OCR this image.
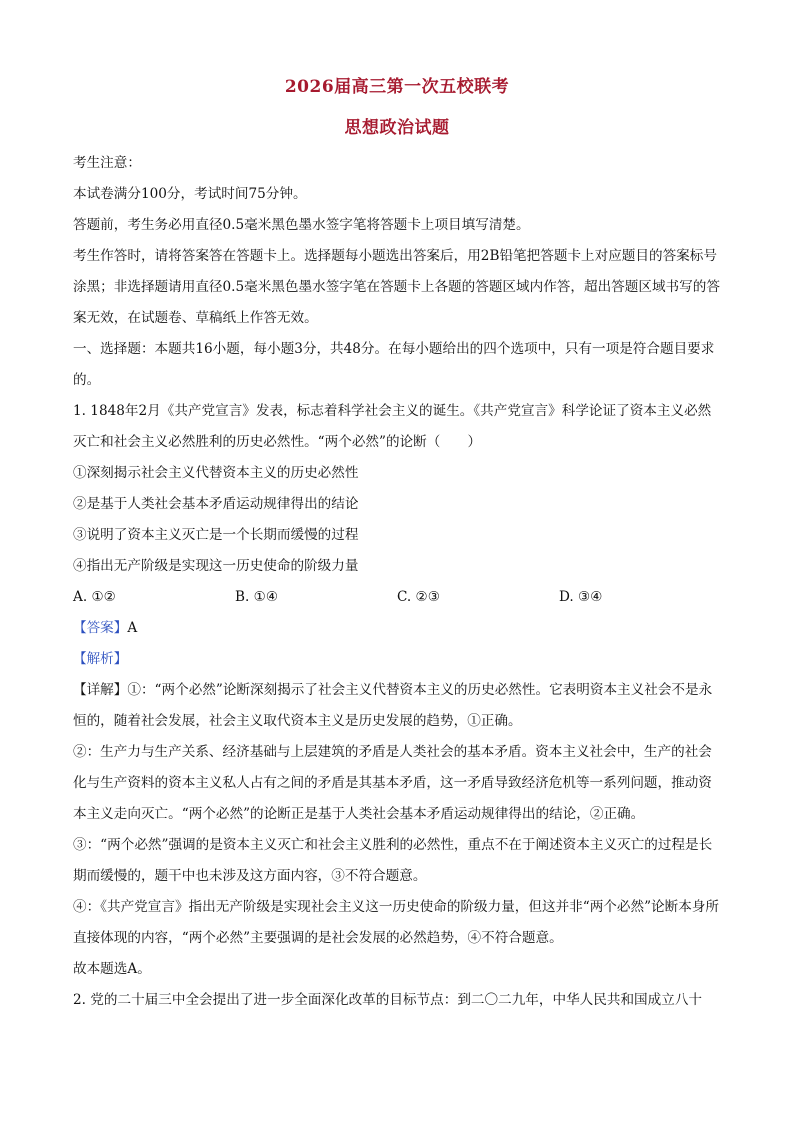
2026届高三第一次五校联考
思想政治试题

考生注意：

本试卷满分100分，考试时间75分钟。

答题前，考生务必用直径0.5毫米黑色墨水签字笔将答题卡上项目填写清楚。

考生作答时，请将答案答在答题卡上。选择题每小题选出答案后，用2B铅笔把答题卡上对应题目的答案标号涂黑；非选择题请用直径0.5毫米黑色墨水签字笔在答题卡上各题的答题区域内作答，超出答题区域书写的答案无效，在试题卷、草稿纸上作答无效。

一、选择题：本题共16小题，每小题3分，共48分。在每小题给出的四个选项中，只有一项是符合题目要求的。

1. 1848年2月《共产党宣言》发表，标志着科学社会主义的诞生。《共产党宣言》科学论证了资本主义必然灭亡和社会主义必然胜利的历史必然性。“两个必然”的论断（　　）

①深刻揭示社会主义代替资本主义的历史必然性

②是基于人类社会基本矛盾运动规律得出的结论

③说明了资本主义灭亡是一个长期而缓慢的过程

④指出无产阶级是实现这一历史使命的阶级力量

A. ①②	B. ①④	C. ②③	D. ③④

【答案】A

【解析】

【详解】①：“两个必然”论断深刻揭示了社会主义代替资本主义的历史必然性。它表明资本主义社会不是永恒的，随着社会发展，社会主义取代资本主义是历史发展的趋势，①正确。

②：生产力与生产关系、经济基础与上层建筑的矛盾是人类社会的基本矛盾。资本主义社会中，生产的社会化与生产资料的资本主义私人占有之间的矛盾是其基本矛盾，这一矛盾导致经济危机等一系列问题，推动资本主义走向灭亡。“两个必然”的论断正是基于人类社会基本矛盾运动规律得出的结论，②正确。

③：“两个必然”强调的是资本主义灭亡和社会主义胜利的必然性，重点不在于阐述资本主义灭亡的过程是长期而缓慢的，题干中也未涉及这方面内容，③不符合题意。

④：《共产党宣言》指出无产阶级是实现社会主义这一历史使命的阶级力量，但这并非“两个必然”论断本身所直接体现的内容，“两个必然”主要强调的是社会发展的必然趋势，④不符合题意。

故本题选A。

2. 党的二十届三中全会提出了进一步全面深化改革的目标节点：到二〇二九年，中华人民共和国成立八十
